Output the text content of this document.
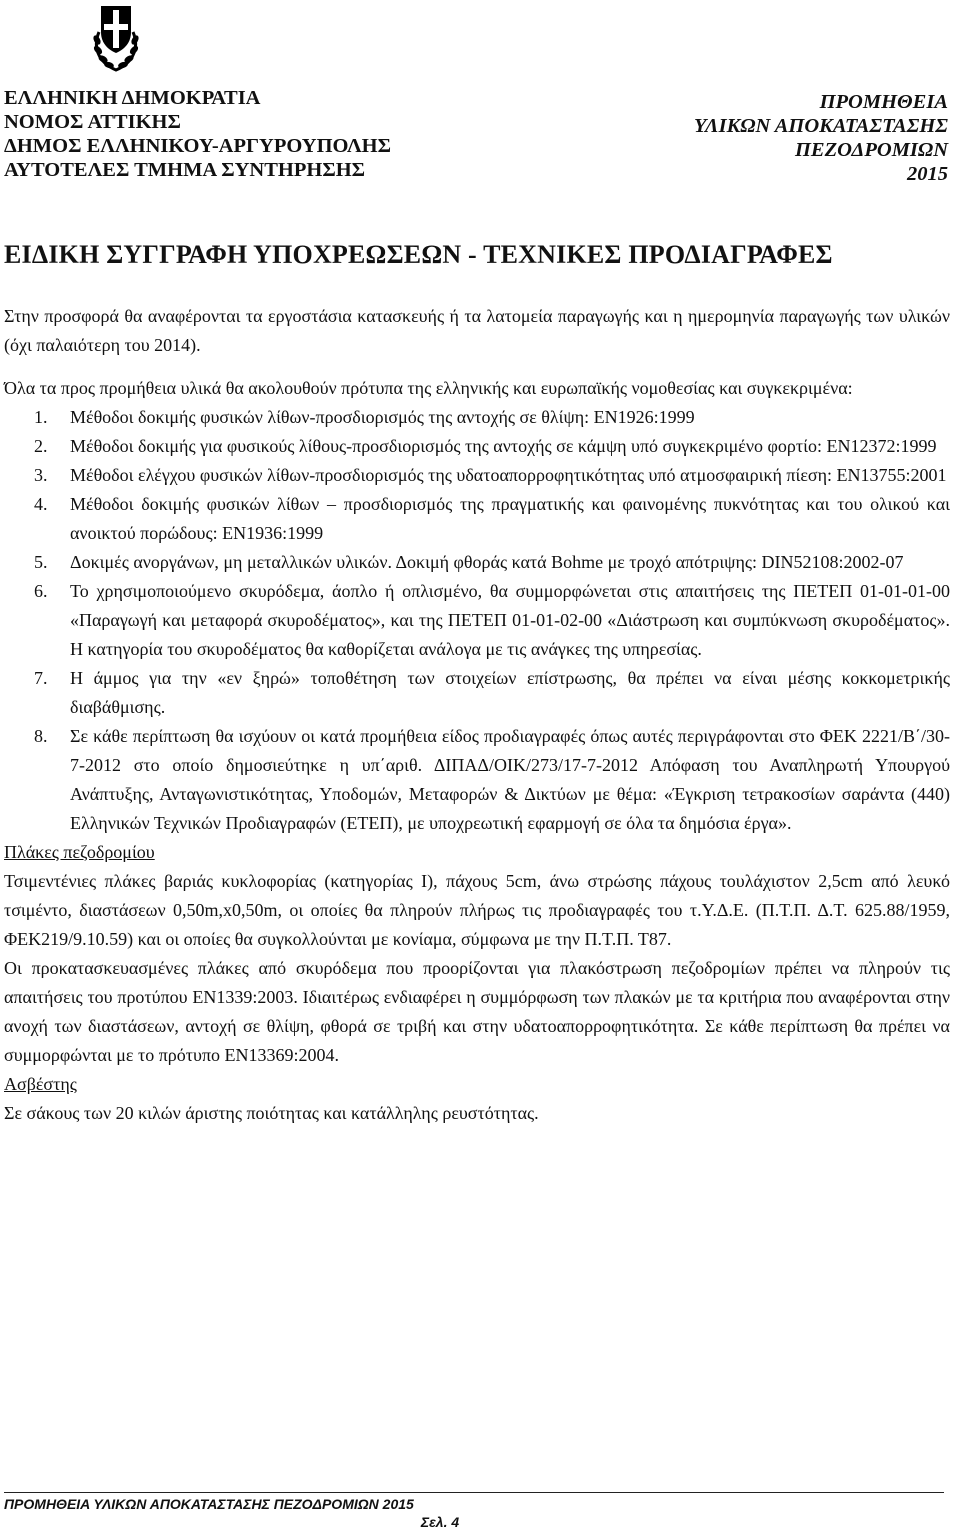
ΕΛΛΗΝΙΚΗ ΔΗΜΟΚΡΑΤΙΑ
ΝΟΜΟΣ ΑΤΤΙΚΗΣ
ΔΗΜΟΣ ΕΛΛΗΝΙΚΟΥ-ΑΡΓΥΡΟΥΠΟΛΗΣ
ΑΥΤΟΤΕΛΕΣ ΤΜΗΜΑ ΣΥΝΤΗΡΗΣΗΣ
ΠΡΟΜΗΘΕΙΑ
ΥΛΙΚΩΝ ΑΠΟΚΑΤΑΣΤΑΣΗΣ
ΠΕΖΟΔΡΟΜΙΩΝ
2015
ΕΙΔΙΚΗ ΣΥΓΓΡΑΦΗ ΥΠΟΧΡΕΩΣΕΩΝ - ΤΕΧΝΙΚΕΣ ΠΡΟΔΙΑΓΡΑΦΕΣ

Στην προσφορά θα αναφέρονται τα εργοστάσια κατασκευής ή τα λατομεία παραγωγής και η ημερομηνία παραγωγής των υλικών (όχι παλαιότερη του 2014).

Όλα τα προς προμήθεια υλικά θα ακολουθούν πρότυπα της ελληνικής και ευρωπαϊκής νομοθεσίας και συγκεκριμένα:

1.	Μέθοδοι δοκιμής φυσικών λίθων-προσδιορισμός της αντοχής σε θλίψη: ΕΝ1926:1999
2.	Μέθοδοι δοκιμής για φυσικούς λίθους-προσδιορισμός της αντοχής σε κάμψη υπό συγκεκριμένο φορτίο: ΕΝ12372:1999
3.	Μέθοδοι ελέγχου φυσικών λίθων-προσδιορισμός της υδατοαπορροφητικότητας υπό ατμοσφαιρική πίεση: ΕΝ13755:2001
4.	Μέθοδοι δοκιμής φυσικών λίθων – προσδιορισμός της πραγματικής και φαινομένης πυκνότητας και του ολικού και ανοικτού πορώδους: ΕΝ1936:1999
5.	Δοκιμές ανοργάνων, μη μεταλλικών υλικών. Δοκιμή φθοράς κατά Bohme με τροχό απότριψης: DIN52108:2002-07
6.	Το χρησιμοποιούμενο σκυρόδεμα, άοπλο ή οπλισμένο, θα συμμορφώνεται στις απαιτήσεις της ΠΕΤΕΠ 01-01-01-00 «Παραγωγή και μεταφορά σκυροδέματος», και της ΠΕΤΕΠ 01-01-02-00 «Διάστρωση και συμπύκνωση σκυροδέματος». Η κατηγορία του σκυροδέματος θα καθορίζεται ανάλογα με τις ανάγκες της υπηρεσίας.
7.	Η άμμος για την «εν ξηρώ» τοποθέτηση των στοιχείων επίστρωσης, θα πρέπει να είναι μέσης κοκκομετρικής διαβάθμισης.
8.	Σε κάθε περίπτωση θα ισχύουν οι κατά προμήθεια είδος προδιαγραφές όπως αυτές περιγράφονται στο ΦΕΚ 2221/Β΄/30-7-2012 στο οποίο δημοσιεύτηκε η υπ΄αριθ. ΔΙΠΑΔ/ΟΙΚ/273/17-7-2012 Απόφαση του Αναπληρωτή Υπουργού Ανάπτυξης, Ανταγωνιστικότητας, Υποδομών, Μεταφορών & Δικτύων με θέμα: «Έγκριση τετρακοσίων σαράντα (440) Ελληνικών Τεχνικών Προδιαγραφών (ΕΤΕΠ), με υποχρεωτική εφαρμογή σε όλα τα δημόσια έργα».

Πλάκες πεζοδρομίου

Τσιμεντένιες πλάκες βαριάς κυκλοφορίας (κατηγορίας Ι), πάχους 5cm, άνω στρώσης πάχους τουλάχιστον 2,5cm από λευκό τσιμέντο, διαστάσεων 0,50m,x0,50m, οι οποίες θα πληρούν πλήρως τις προδιαγραφές του τ.Υ.Δ.Ε. (Π.Τ.Π. Δ.Τ. 625.88/1959, ΦΕΚ219/9.10.59) και οι οποίες θα συγκολλούνται με κονίαμα, σύμφωνα με την Π.Τ.Π. Τ87.

Οι προκατασκευασμένες πλάκες από σκυρόδεμα που προορίζονται για πλακόστρωση πεζοδρομίων πρέπει να πληρούν τις απαιτήσεις του προτύπου ΕΝ1339:2003. Ιδιαιτέρως ενδιαφέρει η συμμόρφωση των πλακών με τα κριτήρια που αναφέρονται στην ανοχή των διαστάσεων, αντοχή σε θλίψη, φθορά σε τριβή και στην υδατοαπορροφητικότητα. Σε κάθε περίπτωση θα πρέπει να συμμορφώνται με το πρότυπο ΕΝ13369:2004.

Ασβέστης

Σε σάκους των 20 κιλών άριστης ποιότητας και κατάλληλης ρευστότητας.

ΠΡΟΜΗΘΕΙΑ ΥΛΙΚΩΝ ΑΠΟΚΑΤΑΣΤΑΣΗΣ ΠΕΖΟΔΡΟΜΙΩΝ 2015
Σελ. 4
